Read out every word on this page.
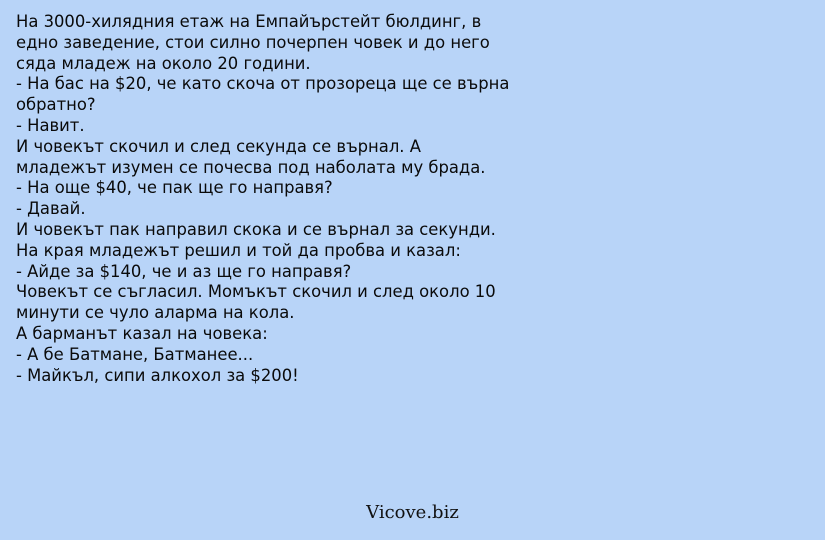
На 3000-хилядния етаж на Емпайърстейт бюлдинг, в
едно заведение, стои силно почерпен човек и до него
сяда младеж на около 20 години.
- На бас на $20, че като скоча от прозореца ще се върна
обратно?
- Навит.
И човекът скочил и след секунда се върнал. А
младежът изумен се почесва под наболата му брада.
- На още $40, че пак ще го направя?
- Давай.
И човекът пак направил скока и се върнал за секунди.
На края младежът решил и той да пробва и казал:
- Айде за $140, че и аз ще го направя?
Човекът се съгласил. Момъкът скочил и след около 10
минути се чуло аларма на кола.
А барманът казал на човека:
- А бе Батмане, Батманее...
- Майкъл, сипи алкохол за $200!
Vicove.biz
